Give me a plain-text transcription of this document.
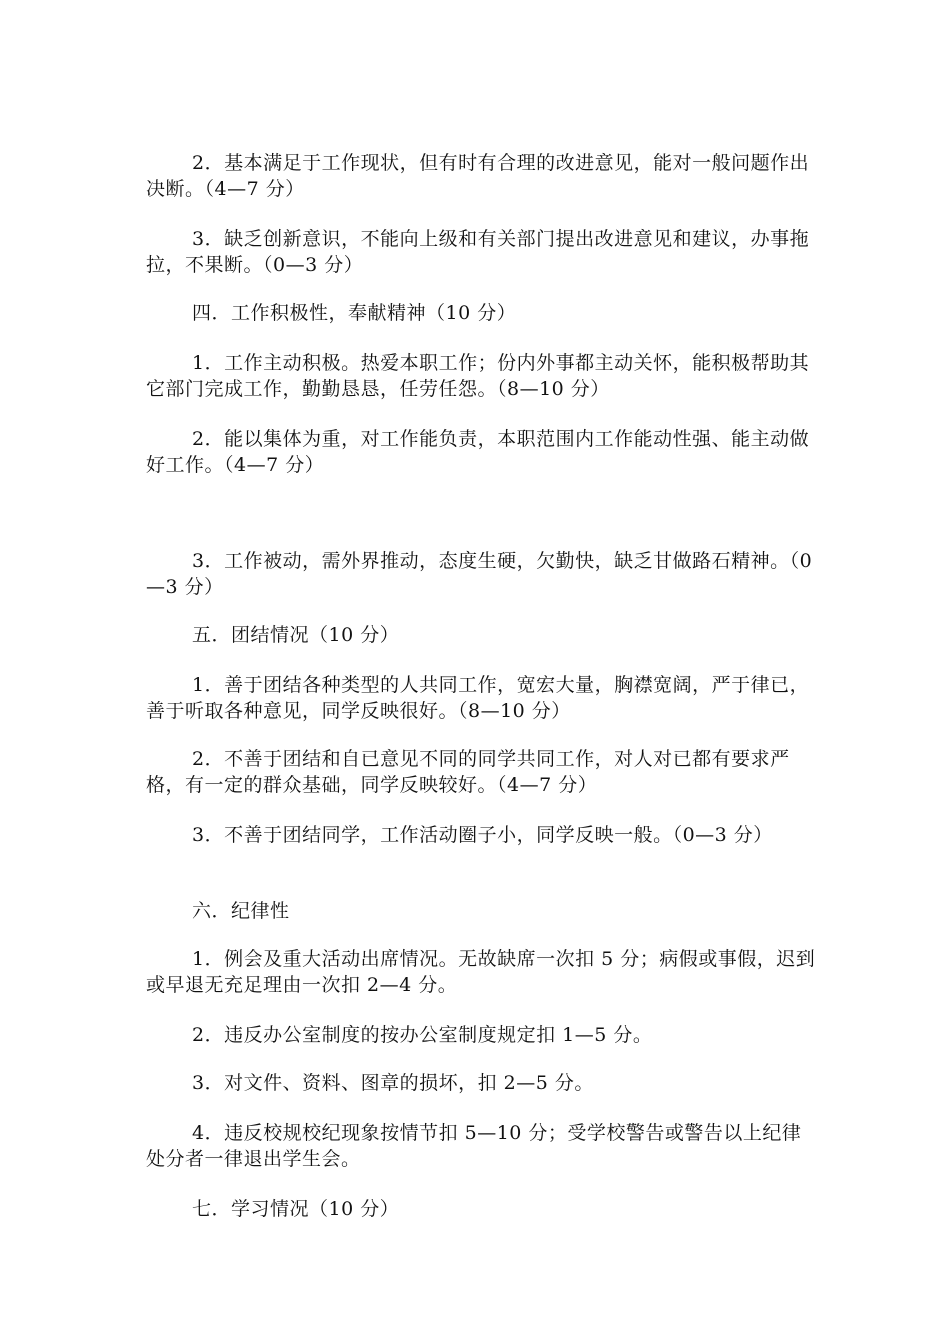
2．基本满足于工作现状，但有时有合理的改进意见，能对一般问题作出决断。（4—7 分）

3．缺乏创新意识，不能向上级和有关部门提出改进意见和建议，办事拖拉，不果断。（0—3 分）

四．工作积极性，奉献精神（10 分）

1．工作主动积极。热爱本职工作；份内外事都主动关怀，能积极帮助其它部门完成工作，勤勤恳恳，任劳任怨。（8—10 分）

2．能以集体为重，对工作能负责，本职范围内工作能动性强、能主动做好工作。（4—7 分）

3．工作被动，需外界推动，态度生硬，欠勤快，缺乏甘做路石精神。（0—3 分）

五．团结情况（10 分）

1．善于团结各种类型的人共同工作，宽宏大量，胸襟宽阔，严于律已，善于听取各种意见，同学反映很好。（8—10 分）

2．不善于团结和自已意见不同的同学共同工作，对人对已都有要求严格，有一定的群众基础，同学反映较好。（4—7 分）

3．不善于团结同学，工作活动圈子小，同学反映一般。（0—3 分）

六．纪律性

1．例会及重大活动出席情况。无故缺席一次扣 5 分；病假或事假，迟到或早退无充足理由一次扣 2—4 分。

2．违反办公室制度的按办公室制度规定扣 1—5 分。

3．对文件、资料、图章的损坏，扣 2—5 分。

4．违反校规校纪现象按情节扣 5—10 分；受学校警告或警告以上纪律处分者一律退出学生会。

七．学习情况（10 分）
